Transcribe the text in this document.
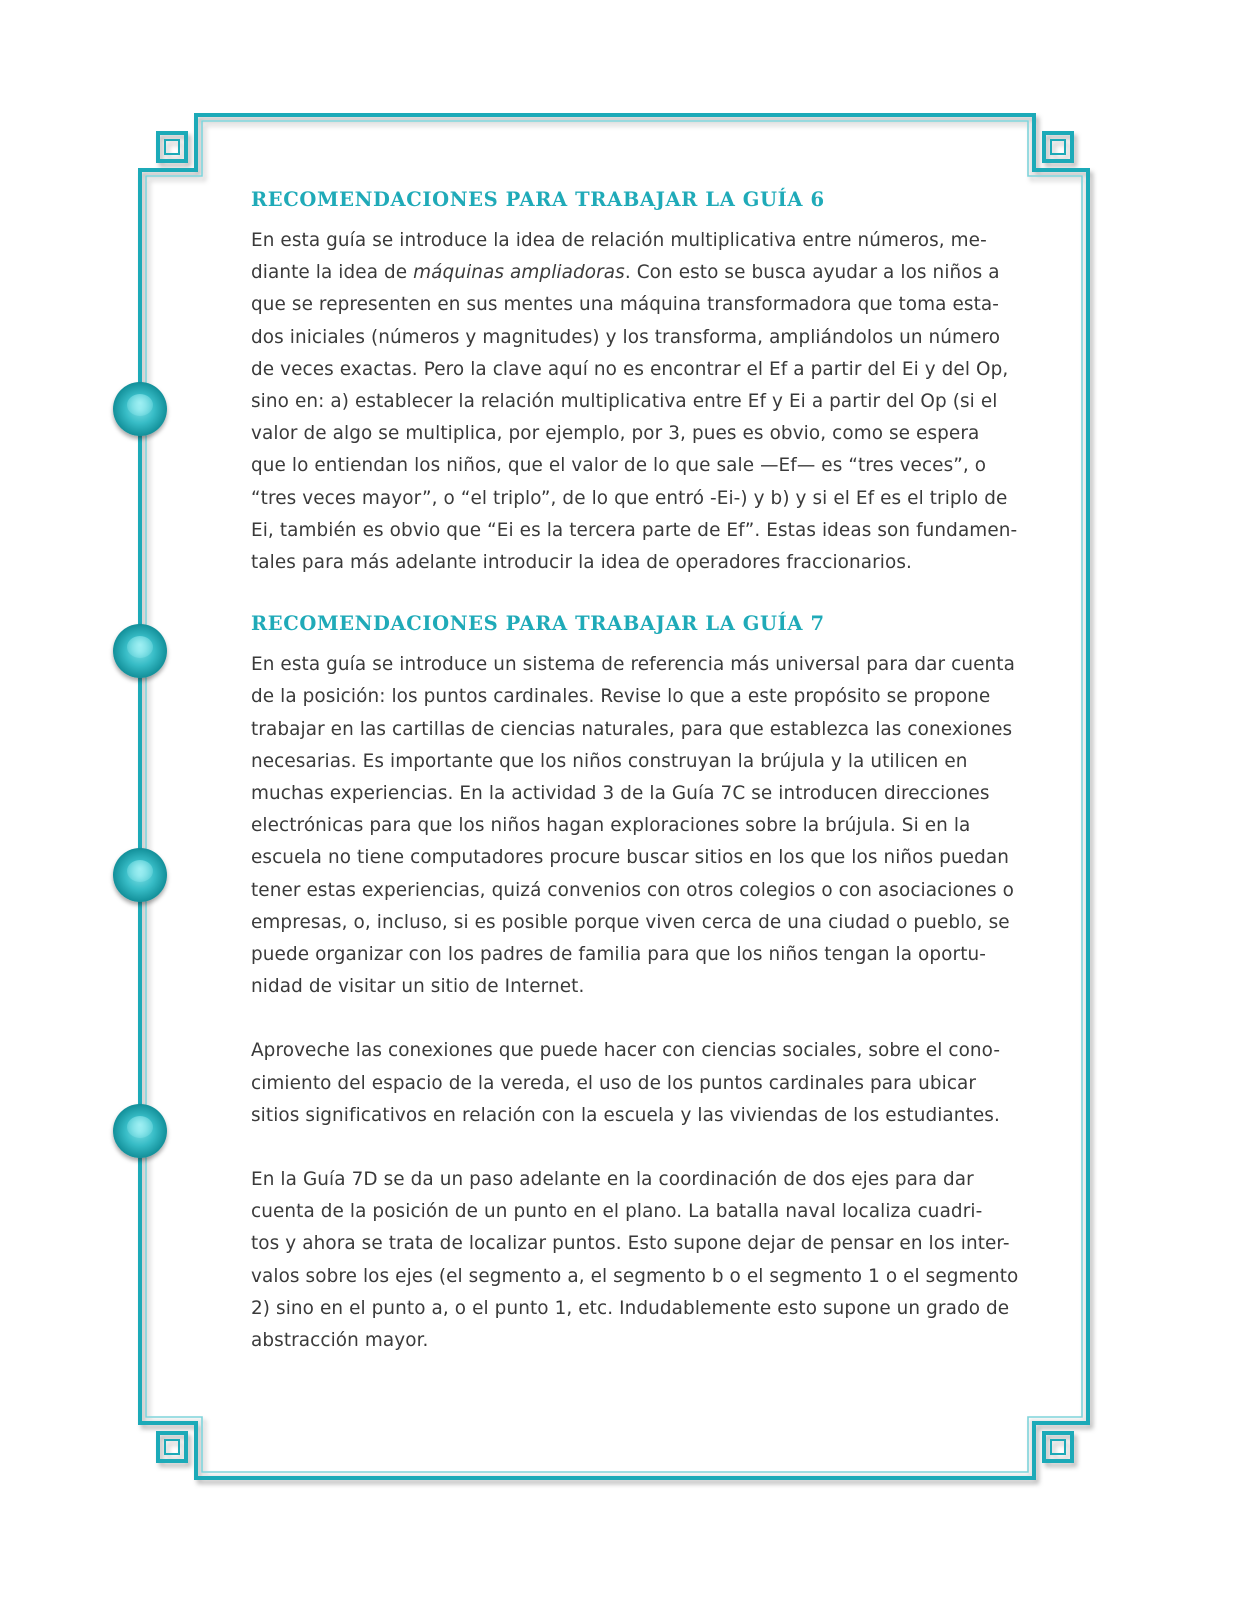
RECOMENDACIONES PARA TRABAJAR LA GUÍA 6

En esta guía se introduce la idea de relación multiplicativa entre números, me-
diante la idea de máquinas ampliadoras. Con esto se busca ayudar a los niños a
que se representen en sus mentes una máquina transformadora que toma esta-
dos iniciales (números y magnitudes) y los transforma, ampliándolos un número
de veces exactas. Pero la clave aquí no es encontrar el Ef a partir del Ei y del Op,
sino en: a) establecer la relación multiplicativa entre Ef y Ei a partir del Op (si el
valor de algo se multiplica, por ejemplo, por 3, pues es obvio, como se espera
que lo entiendan los niños, que el valor de lo que sale —Ef— es “tres veces”, o
“tres veces mayor”, o “el triplo”, de lo que entró -Ei-) y b) y si el Ef es el triplo de
Ei, también es obvio que “Ei es la tercera parte de Ef”. Estas ideas son fundamen-
tales para más adelante introducir la idea de operadores fraccionarios.

RECOMENDACIONES PARA TRABAJAR LA GUÍA 7

En esta guía se introduce un sistema de referencia más universal para dar cuenta
de la posición: los puntos cardinales. Revise lo que a este propósito se propone
trabajar en las cartillas de ciencias naturales, para que establezca las conexiones
necesarias. Es importante que los niños construyan la brújula y la utilicen en
muchas experiencias. En la actividad 3 de la Guía 7C se introducen direcciones
electrónicas para que los niños hagan exploraciones sobre la brújula. Si en la
escuela no tiene computadores procure buscar sitios en los que los niños puedan
tener estas experiencias, quizá convenios con otros colegios o con asociaciones o
empresas, o, incluso, si es posible porque viven cerca de una ciudad o pueblo, se
puede organizar con los padres de familia para que los niños tengan la oportu-
nidad de visitar un sitio de Internet.

Aproveche las conexiones que puede hacer con ciencias sociales, sobre el cono-
cimiento del espacio de la vereda, el uso de los puntos cardinales para ubicar
sitios significativos en relación con la escuela y las viviendas de los estudiantes.

En la Guía 7D se da un paso adelante en la coordinación de dos ejes para dar
cuenta de la posición de un punto en el plano. La batalla naval localiza cuadri-
tos y ahora se trata de localizar puntos. Esto supone dejar de pensar en los inter-
valos sobre los ejes (el segmento a, el segmento b o el segmento 1 o el segmento
2) sino en el punto a, o el punto 1, etc. Indudablemente esto supone un grado de
abstracción mayor.
